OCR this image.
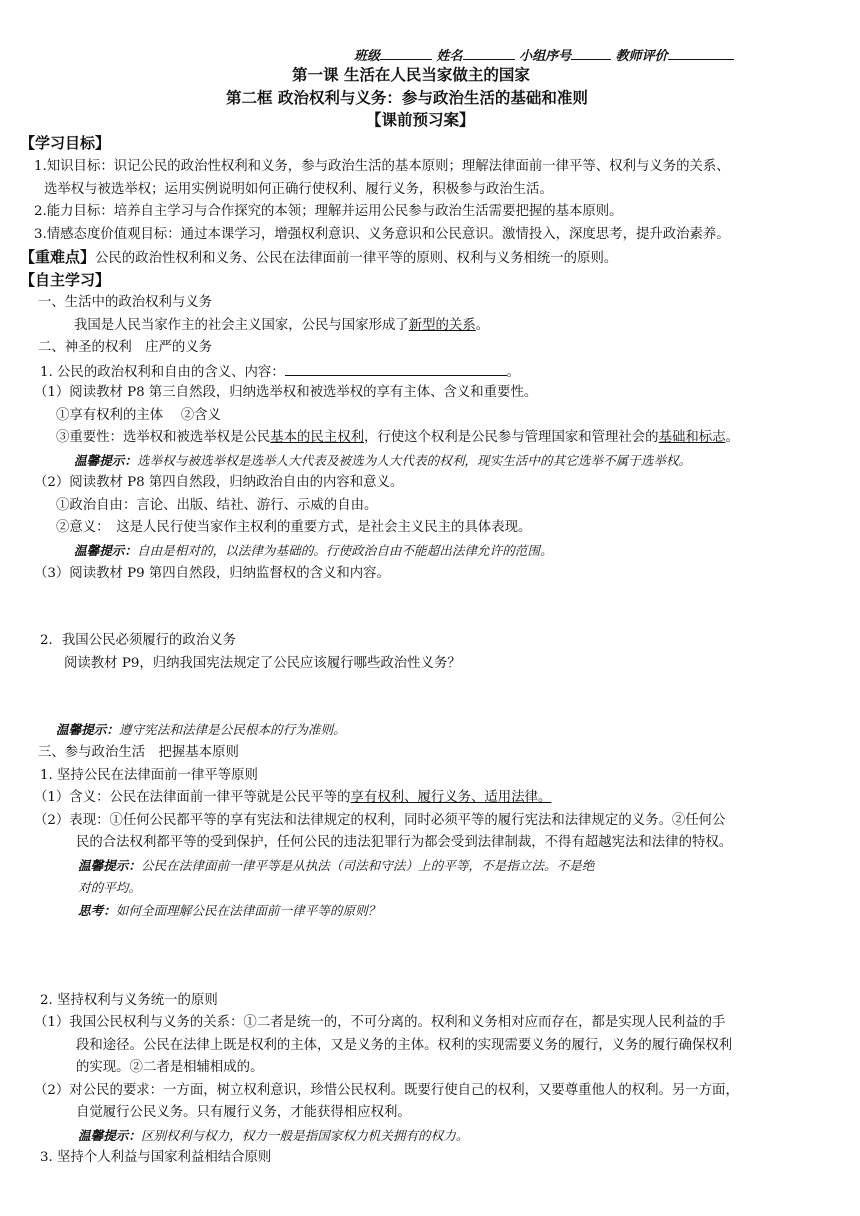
班级	姓名	小组序号	教师评价
第一课 生活在人民当家做主的国家
第二框 政治权利与义务：参与政治生活的基础和准则
【课前预习案】
【学习目标】
1.知识目标：识记公民的政治性权利和义务，参与政治生活的基本原则；理解法律面前一律平等、权利与义务的关系、
选举权与被选举权；运用实例说明如何正确行使权利、履行义务，积极参与政治生活。
2.能力目标：培养自主学习与合作探究的本领；理解并运用公民参与政治生活需要把握的基本原则。
3.情感态度价值观目标：通过本课学习，增强权利意识、义务意识和公民意识。激情投入，深度思考，提升政治素养。
【重难点】公民的政治性权利和义务、公民在法律面前一律平等的原则、权利与义务相统一的原则。
【自主学习】
一、生活中的政治权利与义务
我国是人民当家作主的社会主义国家，公民与国家形成了新型的关系。
二、神圣的权利　庄严的义务
1. 公民的政治权利和自由的含义、内容：	。
（1）阅读教材 P8 第三自然段，归纳选举权和被选举权的享有主体、含义和重要性。
①享有权利的主体　 ②含义
③重要性：选举权和被选举权是公民基本的民主权利，行使这个权利是公民参与管理国家和管理社会的基础和标志。
温馨提示：选举权与被选举权是选举人大代表及被选为人大代表的权利，现实生活中的其它选举不属于选举权。
（2）阅读教材 P8 第四自然段，归纳政治自由的内容和意义。
①政治自由：言论、出版、结社、游行、示威的自由。
②意义：　这是人民行使当家作主权利的重要方式，是社会主义民主的具体表现。
温馨提示：自由是相对的，以法律为基础的。行使政治自由不能超出法律允许的范围。
（3）阅读教材 P9 第四自然段，归纳监督权的含义和内容。
2．我国公民必须履行的政治义务
阅读教材 P9，归纳我国宪法规定了公民应该履行哪些政治性义务？
温馨提示：遵守宪法和法律是公民根本的行为准则。
三、参与政治生活　把握基本原则
1. 坚持公民在法律面前一律平等原则
（1）含义：公民在法律面前一律平等就是公民平等的享有权利、履行义务、适用法律。
（2）表现：①任何公民都平等的享有宪法和法律规定的权利，同时必须平等的履行宪法和法律规定的义务。②任何公
民的合法权利都平等的受到保护，任何公民的违法犯罪行为都会受到法律制裁，不得有超越宪法和法律的特权。
温馨提示：公民在法律面前一律平等是从执法（司法和守法）上的平等，不是指立法。不是绝
对的平均。
思考：如何全面理解公民在法律面前一律平等的原则？
2. 坚持权利与义务统一的原则
（1）我国公民权利与义务的关系：①二者是统一的，不可分离的。权利和义务相对应而存在，都是实现人民利益的手
段和途径。公民在法律上既是权利的主体，又是义务的主体。权利的实现需要义务的履行，义务的履行确保权利
的实现。②二者是相辅相成的。
（2）对公民的要求：一方面，树立权利意识，珍惜公民权利。既要行使自己的权利，又要尊重他人的权利。另一方面，
自觉履行公民义务。只有履行义务，才能获得相应权利。
温馨提示：区别权利与权力，权力一般是指国家权力机关拥有的权力。
3. 坚持个人利益与国家利益相结合原则
